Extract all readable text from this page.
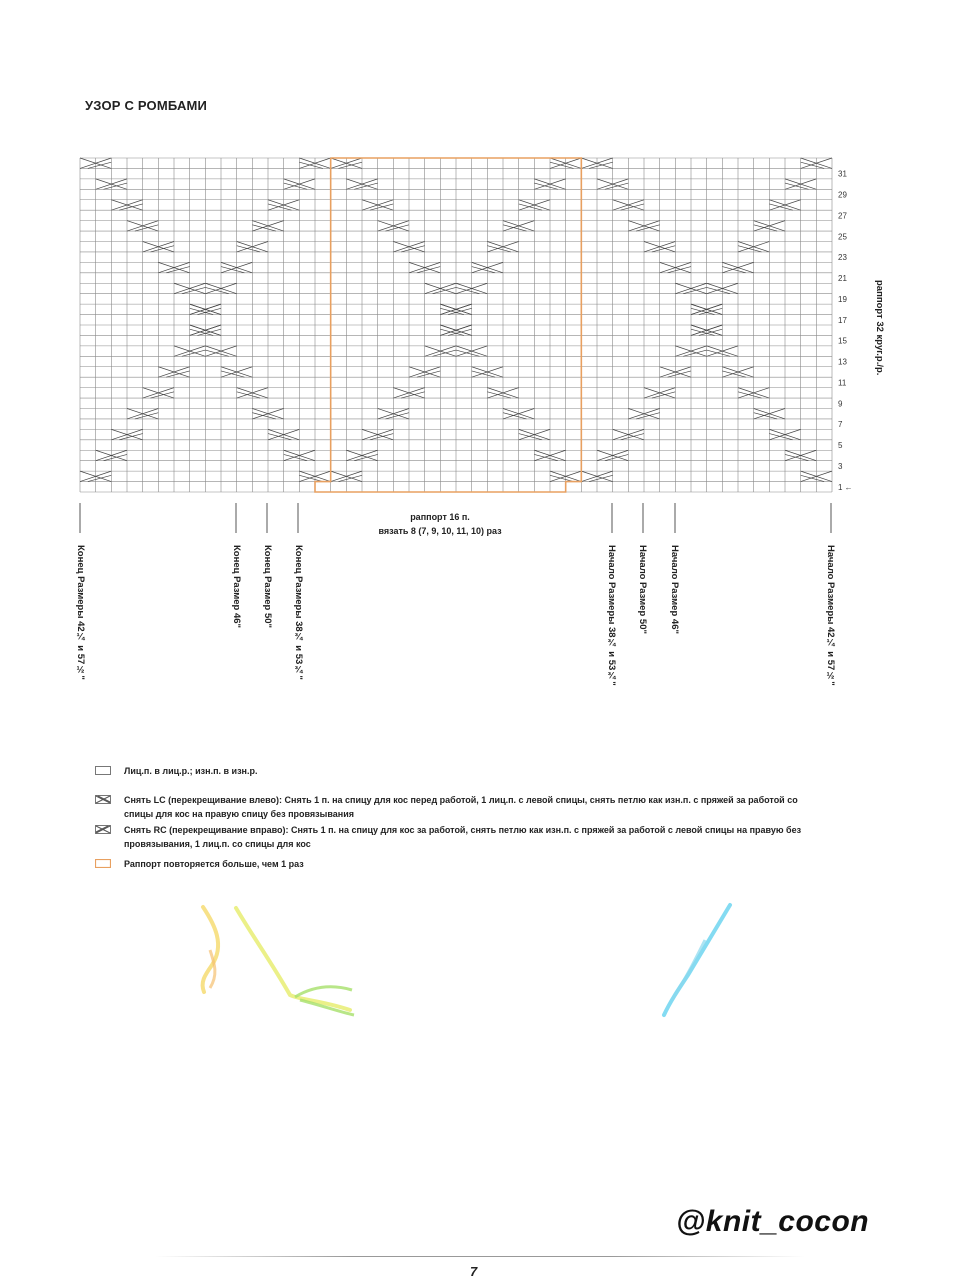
УЗОР С РОМБАМИ
31
29
27
25
23
21
19
17
15
13
11
9
7
5
3
1 ←
раппорт 32 круг.р./р.
раппорт 16 п.
вязать 8 (7, 9, 10, 11, 10) раз
Конец Размеры 42¼ и 57½"	Конец Размер 46" Конец Размер 50" Конец Размеры 38¾ и 53¾"	Начало Размеры 38¾ и 53¾" Начало Размер 50" Начало Размер 46"	Начало Размеры 42¼ и 57½"
Лиц.п. в лиц.р.; изн.п. в изн.р.
Снять LC (перекрещивание влево): Снять 1 п. на спицу для кос перед работой, 1 лиц.п. с левой спицы, снять петлю как изн.п. с пряжей за работой со спицы для кос на правую спицу без провязывания
Снять RC (перекрещивание вправо): Снять 1 п. на спицу для кос за работой, снять петлю как изн.п. с пряжей за работой с левой спицы на правую без провязывания, 1 лиц.п. со спицы для кос
Раппорт повторяется больше, чем 1 раз
@knit_cocon
7
